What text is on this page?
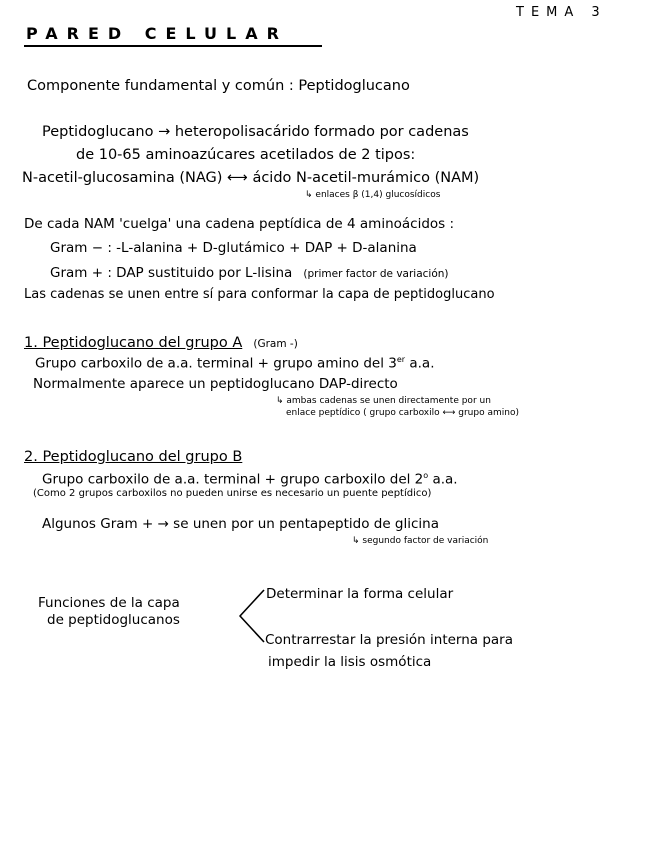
TEMA 3
PARED CELULAR
Componente fundamental y común : Peptidoglucano
Peptidoglucano → heteropolisacárido formado por cadenas
de 10-65 aminoazúcares acetilados de 2 tipos:
N-acetil-glucosamina (NAG) ⟷ ácido N-acetil-murámico (NAM)
↳ enlaces β (1,4) glucosídicos
De cada NAM 'cuelga' una cadena peptídica de 4 aminoácidos :
Gram − : -L-alanina + D-glutámico + DAP + D-alanina
Gram + : DAP sustituido por L-lisina (primer factor de variación)
Las cadenas se unen entre sí para conformar la capa de peptidoglucano
1. Peptidoglucano del grupo A (Gram -)
Grupo carboxilo de a.a. terminal + grupo amino del 3er a.a.
Normalmente aparece un peptidoglucano DAP-directo
↳ ambas cadenas se unen directamente por un
enlace peptídico ( grupo carboxilo ⟷ grupo amino)
2. Peptidoglucano del grupo B
Grupo carboxilo de a.a. terminal + grupo carboxilo del 2$^o$ a.a.
(Como 2 grupos carboxilos no pueden unirse es necesario un puente peptídico)
Algunos Gram + → se unen por un pentapeptido de glicina
↳ segundo factor de variación
Funciones de la capa
de peptidoglucanos
Determinar la forma celular
Contrarrestar la presión interna para
impedir la lisis osmótica
